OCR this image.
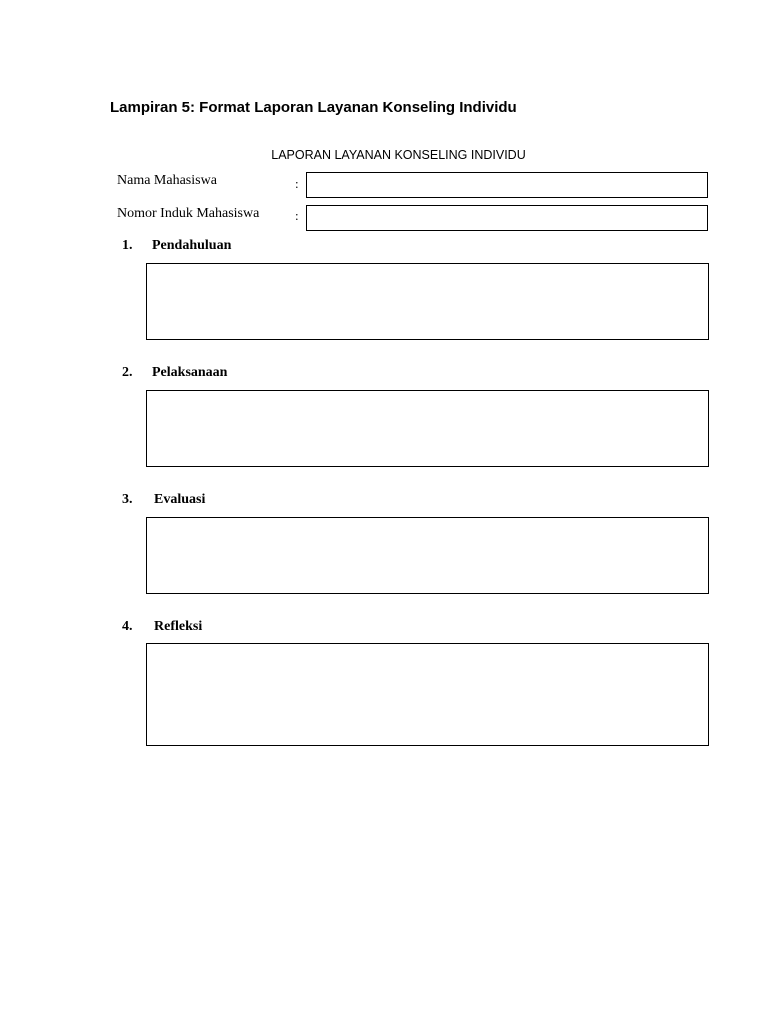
Lampiran 5: Format Laporan Layanan Konseling Individu
LAPORAN LAYANAN KONSELING INDIVIDU
Nama Mahasiswa	:
Nomor Induk Mahasiswa	:
1. Pendahuluan
2. Pelaksanaan
3. Evaluasi
4. Refleksi
